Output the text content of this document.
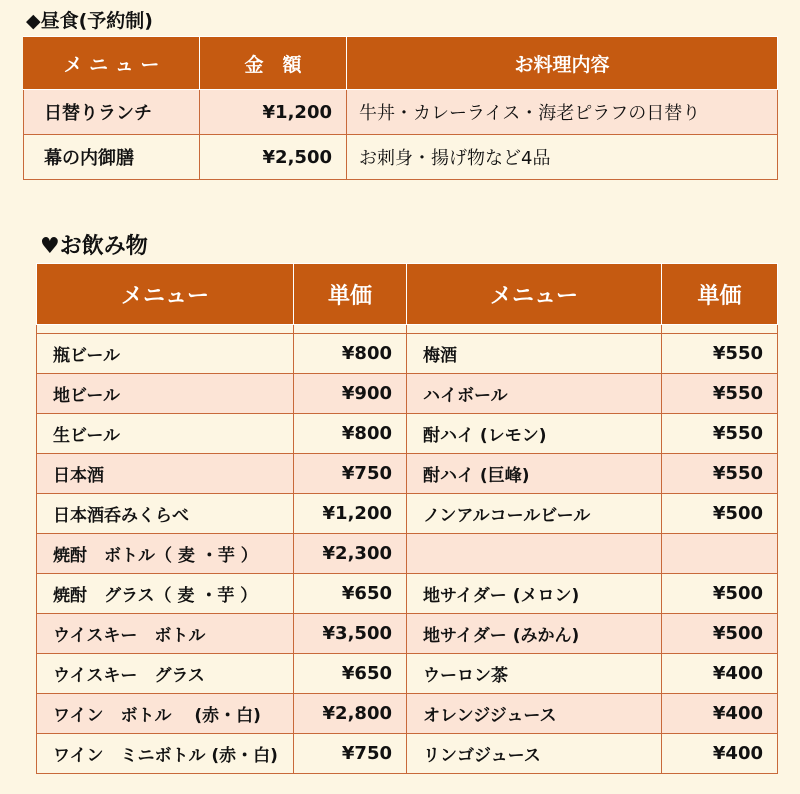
◆昼食(予約制)
メ ニ ュ ー	金　額	お料理内容
日替りランチ	¥1,200	牛丼・カレーライス・海老ピラフの日替り
幕の内御膳	¥2,500	お刺身・揚げ物など4品
♥お飲み物
メニュー	単価	メニュー	単価

瓶ビール	¥800	梅酒	¥550
地ビール	¥900	ハイボール	¥550
生ビール	¥800	酎ハイ (レモン)	¥550
日本酒	¥750	酎ハイ (巨峰)	¥550
日本酒呑みくらべ	¥1,200	ノンアルコールビール	¥500
焼酎　ボトル（ 麦 ・芋 ）	¥2,300		
焼酎　グラス（ 麦 ・芋 ）	¥650	地サイダー (メロン)	¥500
ウイスキー　ボトル	¥3,500	地サイダー (みかん)	¥500
ウイスキー　グラス	¥650	ウーロン茶	¥400
ワイン　ボトル　 (赤・白)	¥2,800	オレンジジュース	¥400
ワイン　ミニボトル (赤・白)	¥750	リンゴジュース	¥400
